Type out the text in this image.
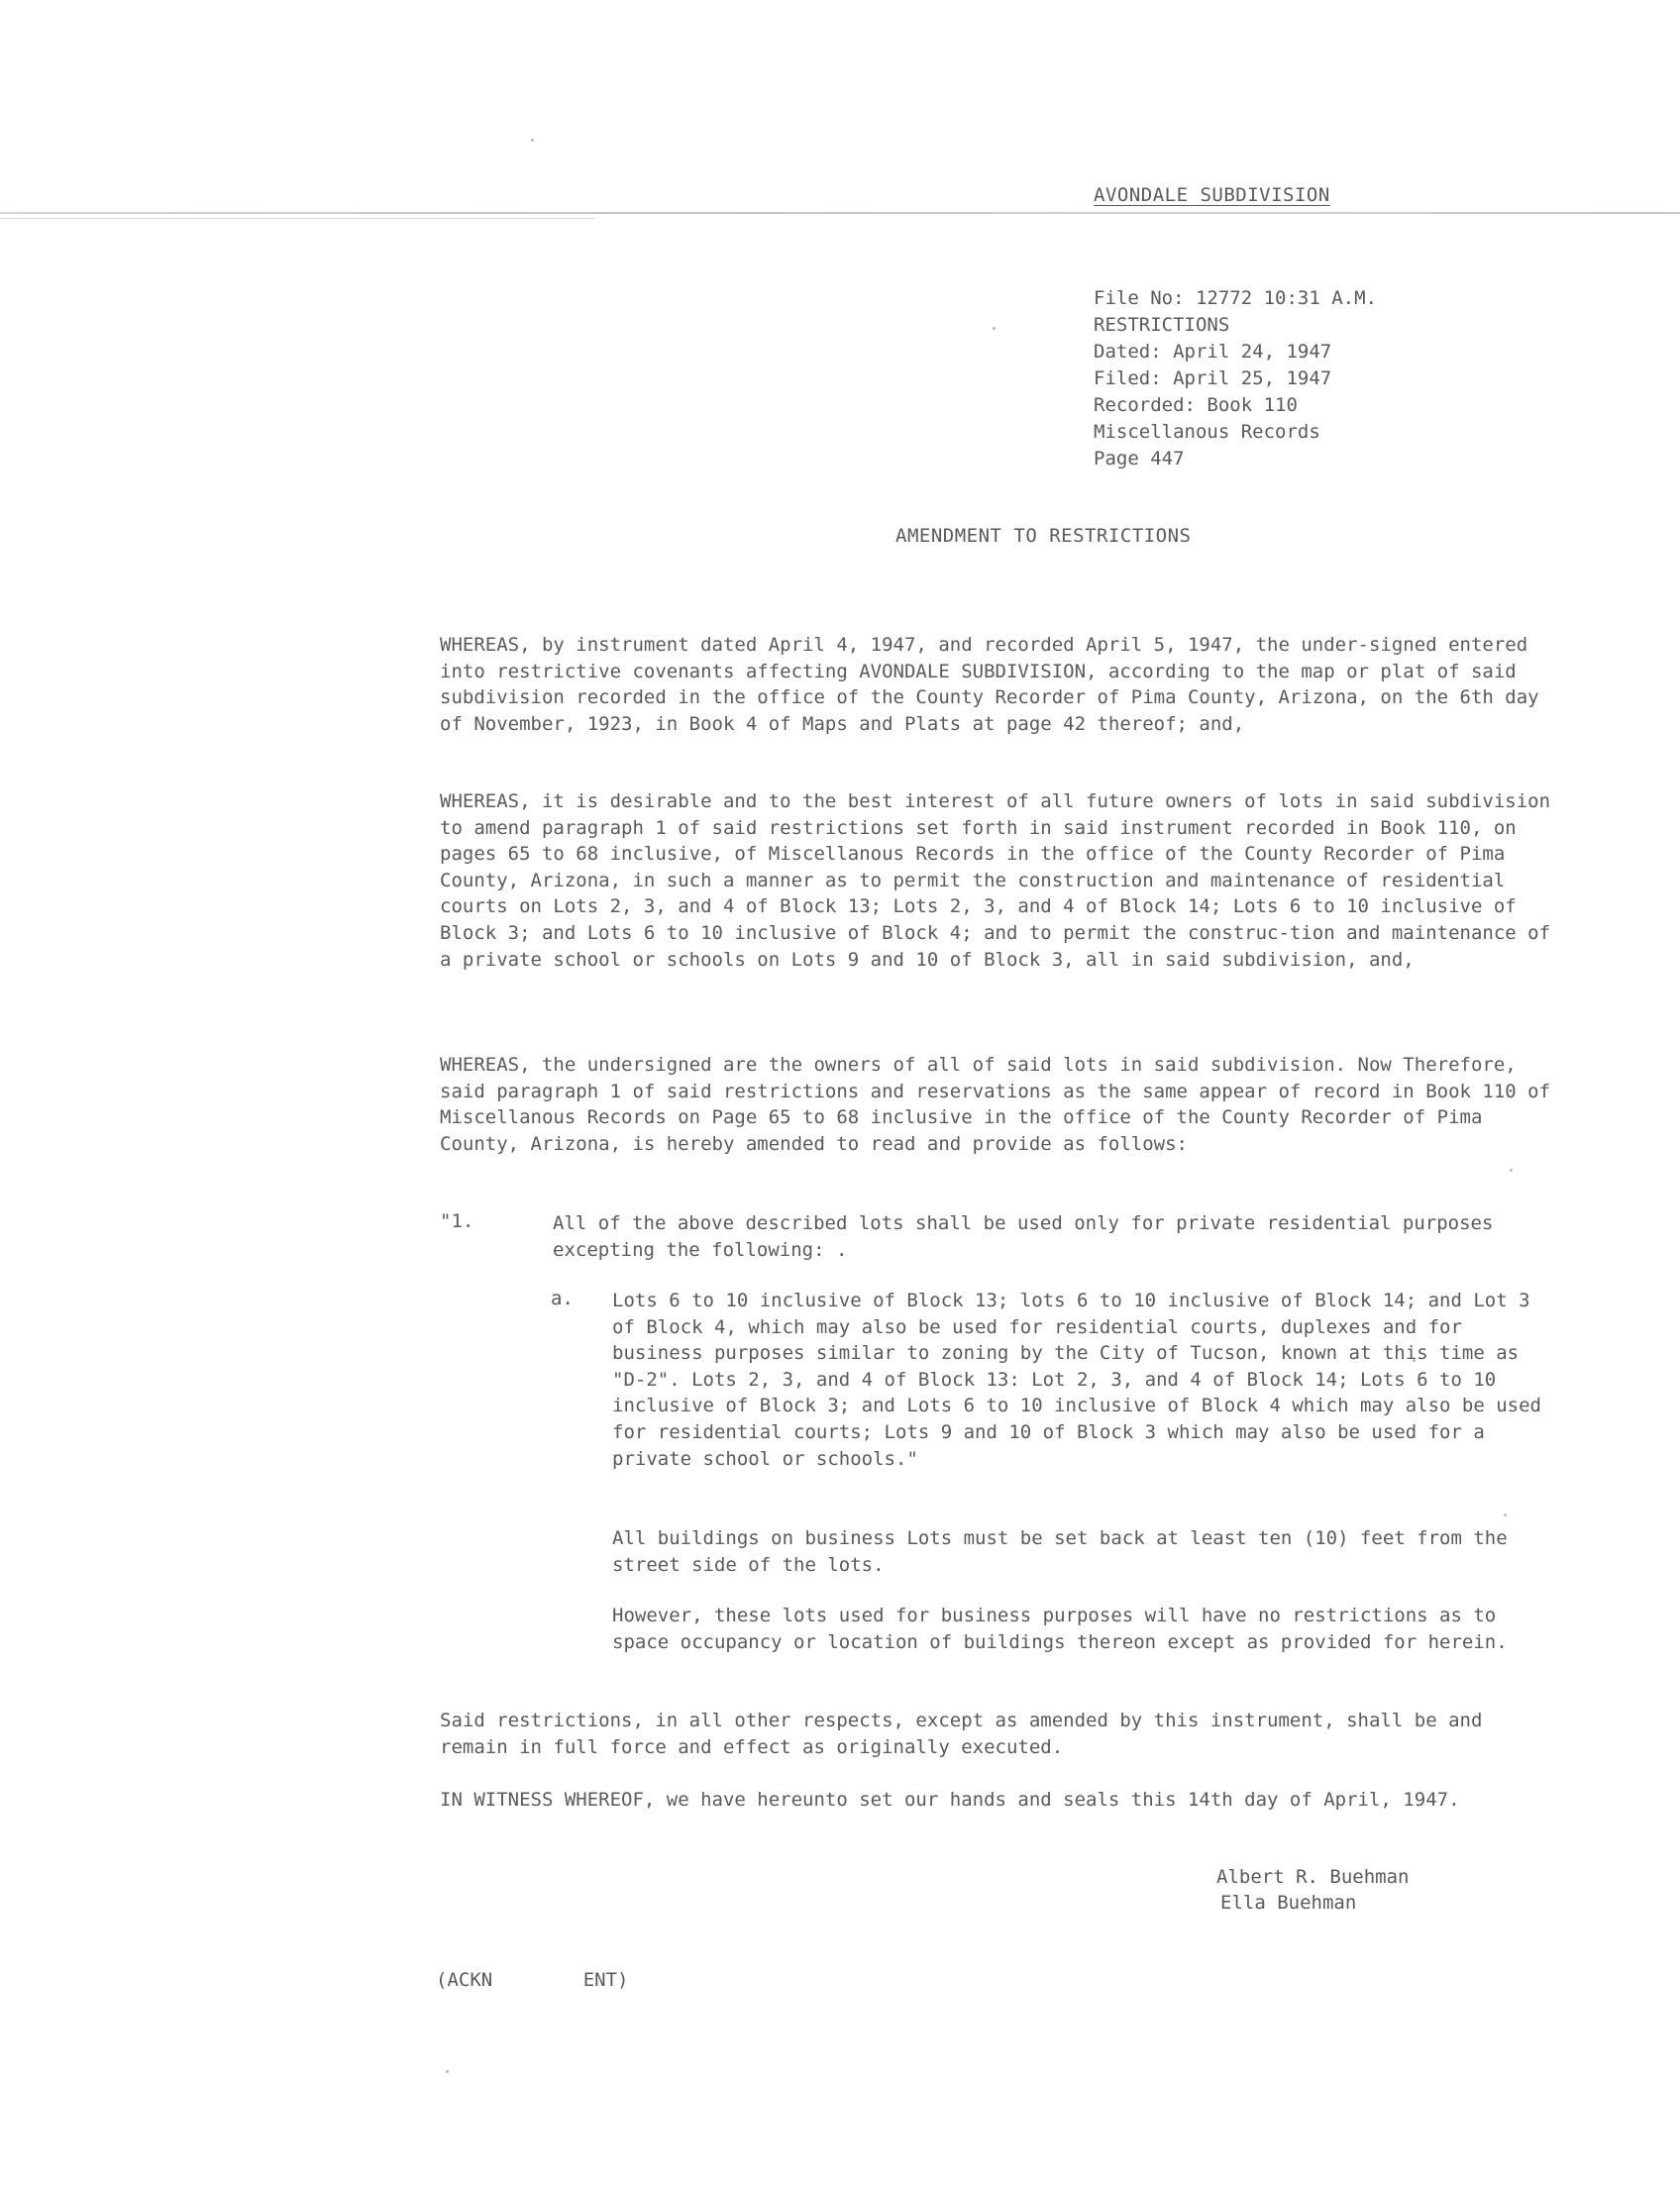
AVONDALE SUBDIVISION
File No: 12772 10:31 A.M.
RESTRICTIONS
Dated: April 24, 1947
Filed: April 25, 1947
Recorded: Book 110
Miscellanous Records
Page 447
AMENDMENT TO RESTRICTIONS

WHEREAS, by instrument dated April 4, 1947, and recorded April 5, 1947, the under-signed entered into restrictive covenants affecting AVONDALE SUBDIVISION, according to the map or plat of said subdivision recorded in the office of the County Recorder of Pima County, Arizona, on the 6th day of November, 1923, in Book 4 of Maps and Plats at page 42 thereof; and,

WHEREAS, it is desirable and to the best interest of all future owners of lots in said subdivision to amend paragraph 1 of said restrictions set forth in said instrument recorded in Book 110, on pages 65 to 68 inclusive, of Miscellanous Records in the office of the County Recorder of Pima County, Arizona, in such a manner as to permit the construction and maintenance of residential courts on Lots 2, 3, and 4 of Block 13; Lots 2, 3, and 4 of Block 14; Lots 6 to 10 inclusive of Block 3; and Lots 6 to 10 inclusive of Block 4; and to permit the construc-tion and maintenance of a private school or schools on Lots 9 and 10 of Block 3, all in said subdivision, and,

WHEREAS, the undersigned are the owners of all of said lots in said subdivision. Now Therefore, said paragraph 1 of said restrictions and reservations as the same appear of record in Book 110 of Miscellanous Records on Page 65 to 68 inclusive in the office of the County Recorder of Pima County, Arizona, is hereby amended to read and provide as follows:

"1.	All of the above described lots shall be used only for private residential purposes excepting the following: .
a. Lots 6 to 10 inclusive of Block 13; lots 6 to 10 inclusive of Block 14; and Lot 3 of Block 4, which may also be used for residential courts, duplexes and for business purposes similar to zoning by the City of Tucson, known at this time as "D-2". Lots 2, 3, and 4 of Block 13: Lot 2, 3, and 4 of Block 14; Lots 6 to 10 inclusive of Block 3; and Lots 6 to 10 inclusive of Block 4 which may also be used for residential courts; Lots 9 and 10 of Block 3 which may also be used for a private school or schools."
All buildings on business Lots must be set back at least ten (10) feet from the street side of the lots.
However, these lots used for business purposes will have no restrictions as to space occupancy or location of buildings thereon except as provided for herein.

Said restrictions, in all other respects, except as amended by this instrument, shall be and remain in full force and effect as originally executed.

IN WITNESS WHEREOF, we have hereunto set our hands and seals this 14th day of April, 1947.

Albert R. Buehman
Ella Buehman
(ACKN        ENT)
